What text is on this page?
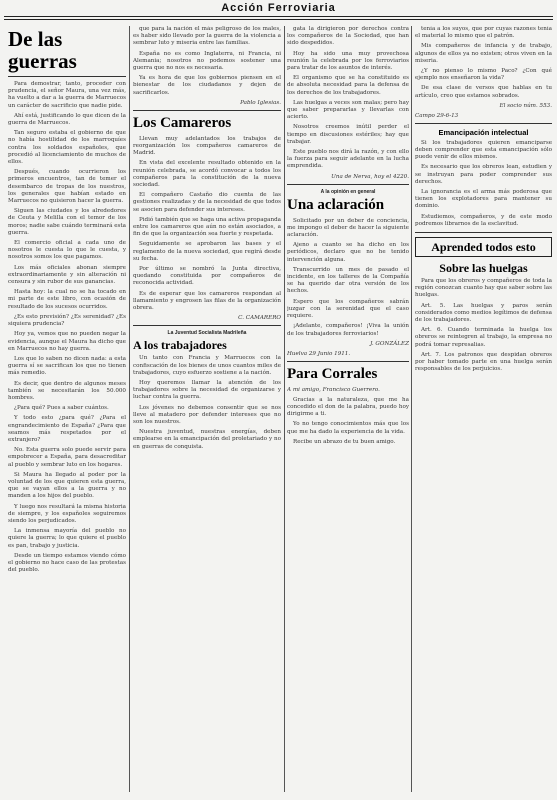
Acción Ferroviaria
De las guerras

Para demostrar, tanto, proceder con prudencia, el señor Maura, una vez más, ha vuelto a dar a la guerra de Marruecos un carácter de sacrificio que nadie pide.

Ahí está, justificando lo que dicen de la guerra de Marruecos.

Tan seguro estaba el gobierno de que no había hostilidad de los marroquíes contra los soldados españoles, que procedió al licenciamiento de muchos de ellos.

Después, cuando ocurrieron los primeros encuentros, tan de temer el desembarco de tropas de los nuestros, los generales que habían estado en Marruecos no quisieron hacer la guerra.

Siguen las ciudades y los alrededores de Ceuta y Melilla con el temor de los moros; nadie sabe cuándo terminará esta guerra.

El comercio oficial a cada uno de nosotros le cuesta lo que le cuesta, y nosotros somos los que pagamos.

Los más oficiales abonan siempre extraordinariamente y sin alteración ni censura y sin rubor de sus ganancias.

Hasta hoy: la cual no se ha tocado en mi parte de este libro, con ocasión de resultado de los sucesos ocurridos.

¿Es esto previsión? ¿Es serenidad? ¿Es siquiera prudencia?

Hoy ya, vemos que no pueden negar la evidencia, aunque el Maura ha dicho que en Marruecos no hay guerra.

Los que lo saben no dicen nada: a esta guerra sí se sacrifican los que no tienen más remedio.

Es decir, que dentro de algunos meses también se necesitarán los 50.000 hombres.

¿Para qué? Pues a saber cuántos.

Y todo esto ¿para qué? ¿Para el engrandecimiento de España? ¿Para que seamos más respetados por el extranjero?

No. Esta guerra solo puede servir para empobrecer a España, para desacreditar al pueblo y sembrar luto en los hogares.

Si Maura ha llegado al poder por la voluntad de los que quieren esta guerra, que se vayan ellos a la guerra y no manden a los hijos del pueblo.

Y luego nos resultará la misma historia de siempre, y los españoles seguiremos siendo los perjudicados.

La inmensa mayoría del pueblo no quiere la guerra; lo que quiere el pueblo es pan, trabajo y justicia.

Desde un tiempo estamos viendo cómo el gobierno no hace caso de las protestas del pueblo.

que para la nación el más peligroso de los males, es haber sido llevado por la guerra de la violencia a sembrar luto y miseria entre las familias.

España no es como Inglaterra, ni Francia, ni Alemania; nosotros no podemos sostener una guerra que no nos es necesaria.

Ya es hora de que los gobiernos piensen en el bienestar de los ciudadanos y dejen de sacrificarlos.

Pablo Iglesias.
Los Camareros

Llevan muy adelantados los trabajos de reorganización los compañeros camareros de Madrid.

En vista del excelente resultado obtenido en la reunión celebrada, se acordó convocar a todos los compañeros para la constitución de la nueva sociedad.

El compañero Castaño dio cuenta de las gestiones realizadas y de la necesidad de que todos se asocien para defender sus intereses.

Pidió también que se haga una activa propaganda entre los camareros que aún no están asociados, a fin de que la organización sea fuerte y respetada.

Seguidamente se aprobaron las bases y el reglamento de la nueva sociedad, que regirá desde su fecha.

Por último se nombró la Junta directiva, quedando constituida por compañeros de reconocida actividad.

Es de esperar que los camareros respondan al llamamiento y engrosen las filas de la organización obrera.

C. CAMARERO
La Juventud Socialista Madrileña
A los trabajadores

Un tanto con Francia y Marruecos con la confiscación de los bienes de unos cuantos miles de trabajadores, cuyo esfuerzo sostiene a la nación.

Hoy queremos llamar la atención de los trabajadores sobre la necesidad de organizarse y luchar contra la guerra.

Los jóvenes no debemos consentir que se nos lleve al matadero por defender intereses que no son los nuestros.

Nuestra juventud, nuestras energías, deben emplearse en la emancipación del proletariado y no en guerras de conquista.

gata la dirigieron por derechos contra los compañeros de la Sociedad, que han sido despedidos.

Hoy ha sido una muy provechosa reunión la celebrada por los ferroviarios para tratar de los asuntos de interés.

El organismo que se ha constituido es de absoluta necesidad para la defensa de los derechos de los trabajadores.

Las huelgas a veces son malas; pero hay que saber prepararlas y llevarlas con acierto.

Nosotros creemos inútil perder el tiempo en discusiones estériles; hay que trabajar.

Este pueblo nos dirá la razón, y con ello la fuerza para seguir adelante en la lucha emprendida.

Una de Nerva, hoy el 4220.
A la opinión en general
Una aclaración

Solicitado por un deber de conciencia, me impongo el deber de hacer la siguiente aclaración.

Ajeno a cuanto se ha dicho en los periódicos, declaro que no he tenido intervención alguna.

Transcurrido un mes de pasado el incidente, en los talleres de la Compañía se ha querido dar otra versión de los hechos.

Espero que los compañeros sabrán juzgar con la serenidad que el caso requiere.

¡Adelante, compañeros! ¡Viva la unión de los trabajadores ferroviarios!

J. GONZÁLEZ
Huelva 29 Junio 1911.
Para Corrales
A mi amigo, Francisco Guerrero.

Gracias a la naturaleza, que me ha concedido el don de la palabra, puedo hoy dirigirme a ti.

Yo no tengo conocimientos más que los que me ha dado la experiencia de la vida.

Recibe un abrazo de tu buen amigo.

tenía a los suyos, que por cuyas razones tenía el material lo mismo que el patrón.

Mis compañeros de infancia y de trabajo, algunos de ellos ya no existen; otros viven en la miseria.

¿Y no pienso lo mismo Paco? ¿Con qué ejemplo nos enseñaron la vida?

De esa clase de versos que hablas en tu artículo, creo que estamos sobrados.

El socio núm. 553.
Campo 29-6-13
Emancipación intelectual

Si los trabajadores quieren emanciparse deben comprender que esta emancipación sólo puede venir de ellos mismos.

Es necesario que los obreros lean, estudien y se instruyan para poder comprender sus derechos.

La ignorancia es el arma más poderosa que tienen los explotadores para mantener su dominio.

Estudiemos, compañeros, y de este modo podremos librarnos de la esclavitud.

Aprended todos esto
Sobre las huelgas

Para que los obreros y compañeros de toda la región conozcan cuanto hay que saber sobre las huelgas.

Art. 5. Las huelgas y paros serán considerados como medios legítimos de defensa de los trabajadores.

Art. 6. Cuando terminada la huelga los obreros se reintegren al trabajo, la empresa no podrá tomar represalias.

Art. 7. Los patronos que despidan obreros por haber tomado parte en una huelga serán responsables de los perjuicios.
